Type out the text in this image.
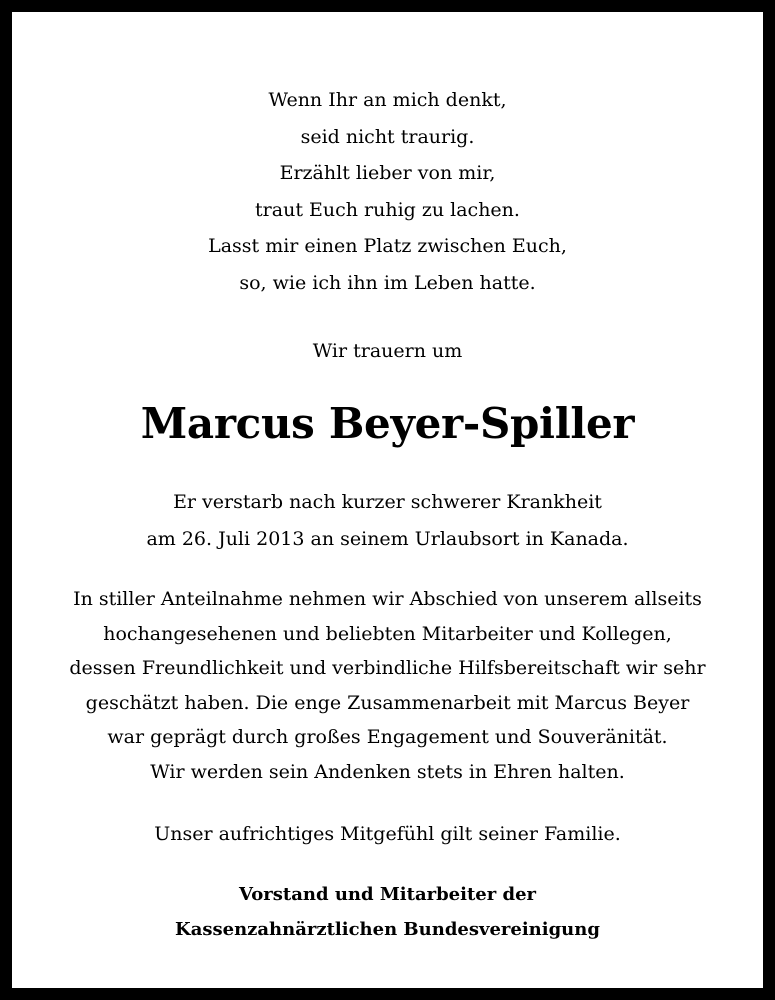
Wenn Ihr an mich denkt,
seid nicht traurig.
Erzählt lieber von mir,
traut Euch ruhig zu lachen.
Lasst mir einen Platz zwischen Euch,
so, wie ich ihn im Leben hatte.
Wir trauern um
Marcus Beyer-Spiller
Er verstarb nach kurzer schwerer Krankheit
am 26. Juli 2013 an seinem Urlaubsort in Kanada.
In stiller Anteilnahme nehmen wir Abschied von unserem allseits
hochangesehenen und beliebten Mitarbeiter und Kollegen,
dessen Freundlichkeit und verbindliche Hilfsbereitschaft wir sehr
geschätzt haben. Die enge Zusammenarbeit mit Marcus Beyer
war geprägt durch großes Engagement und Souveränität.
Wir werden sein Andenken stets in Ehren halten.
Unser aufrichtiges Mitgefühl gilt seiner Familie.
Vorstand und Mitarbeiter der
Kassenzahnärztlichen Bundesvereinigung
